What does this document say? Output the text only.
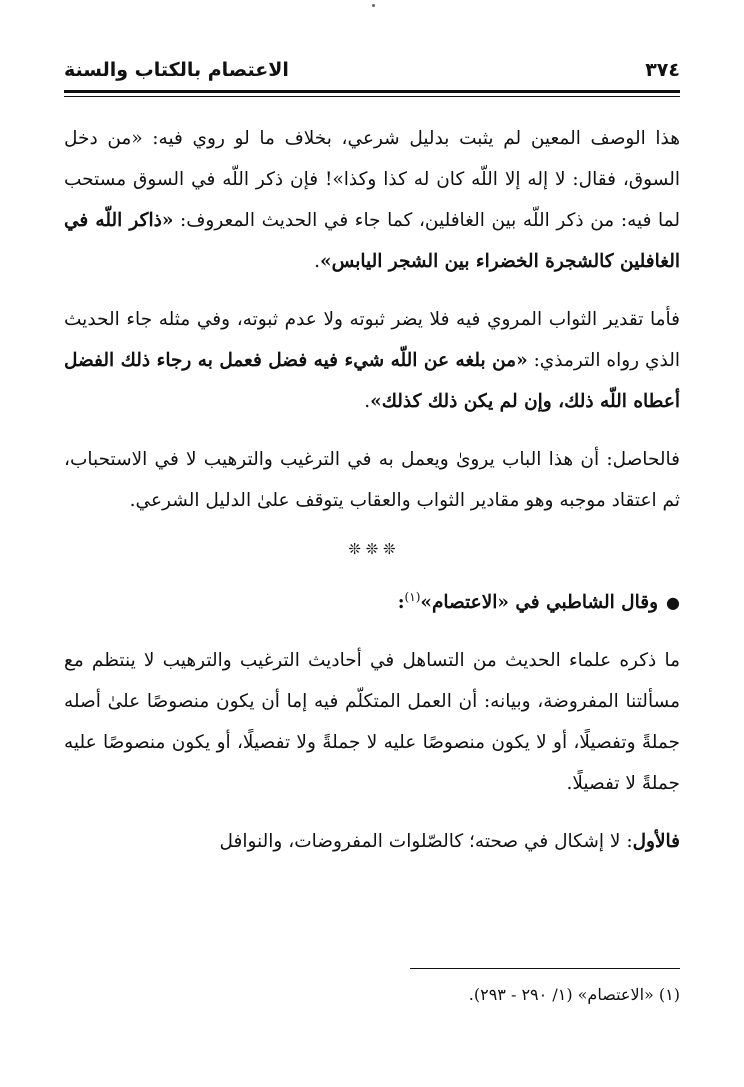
٣٧٤
الاعتصام بالكتاب والسنة

هذا الوصف المعين لم يثبت بدليل شرعي، بخلاف ما لو روي فيه: «من دخل السوق، فقال: لا إله إلا اللّه كان له كذا وكذا»! فإن ذكر اللّه في السوق مستحب لما فيه: من ذكر اللّه بين الغافلين، كما جاء في الحديث المعروف: «ذاكر اللّه في الغافلين كالشجرة الخضراء بين الشجر اليابس».

فأما تقدير الثواب المروي فيه فلا يضر ثبوته ولا عدم ثبوته، وفي مثله جاء الحديث الذي رواه الترمذي: «من بلغه عن اللّه شيء فيه فضل فعمل به رجاء ذلك الفضل أعطاه اللّه ذلك، وإن لم يكن ذلك كذلك».

فالحاصل: أن هذا الباب يروىٰ ويعمل به في الترغيب والترهيب لا في الاستحباب، ثم اعتقاد موجبه وهو مقادير الثواب والعقاب يتوقف علىٰ الدليل الشرعي.

❊ ❊ ❊

●وقال الشاطبي في «الاعتصام»$^{(١)}$:

ما ذكره علماء الحديث من التساهل في أحاديث الترغيب والترهيب لا ينتظم مع مسألتنا المفروضة، وبيانه: أن العمل المتكلّم فيه إما أن يكون منصوصًا علىٰ أصله جملةً وتفصيلًا، أو لا يكون منصوصًا عليه لا جملةً ولا تفصيلًا، أو يكون منصوصًا عليه جملةً لا تفصيلًا.

فالأول: لا إشكال في صحته؛ كالصّلوات المفروضات، والنوافل

(١) «الاعتصام» (١/ ٢٩٠ - ٢٩٣).
